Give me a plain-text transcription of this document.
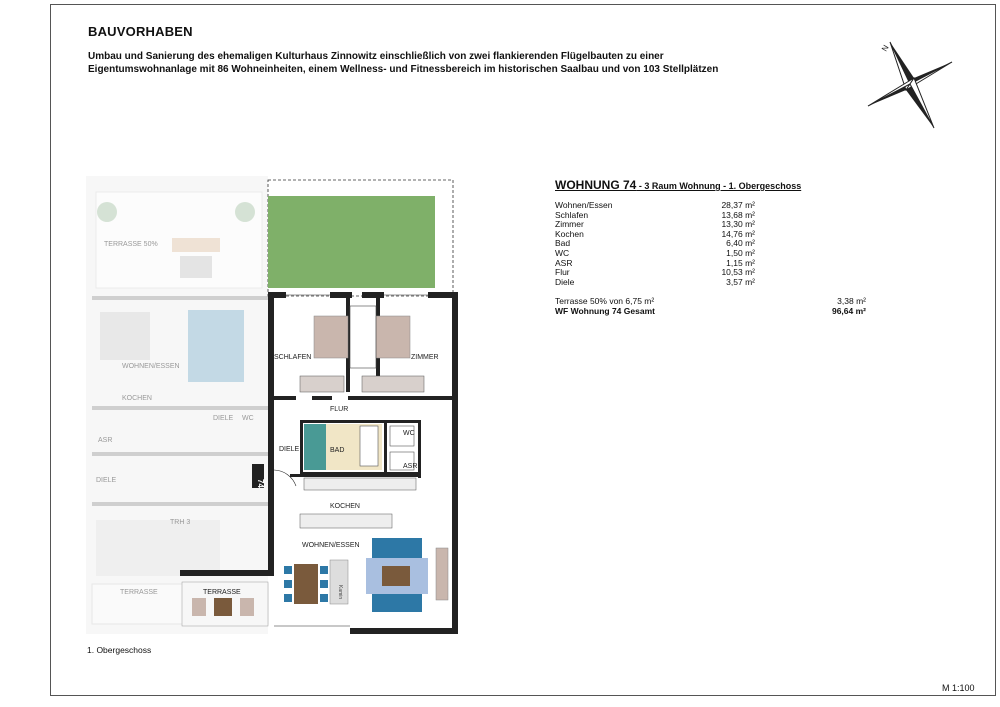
BAUVORHABEN
Umbau und Sanierung des ehemaligen Kulturhaus Zinnowitz einschließlich von zwei flankierenden Flügelbauten zu einer
Eigentumswohnanlage mit 86 Wohneinheiten, einem Wellness- und Fitnessbereich im historischen Saalbau und von 103 Stellplätzen
N
WOHNUNG 74 - 3 Raum Wohnung - 1. Obergeschoss
Wohnen/Essen	28,37 m²
Schlafen	13,68 m²
Zimmer	13,30 m²
Kochen	14,76 m²
Bad	6,40 m²
WC	1,50 m²
ASR	1,15 m²
Flur	10,53 m²
Diele	3,57 m²
Terrasse 50% von 6,75 m²	3,38 m²
WF Wohnung 74 Gesamt	96,64 m²
TERRASSE 50%
WOHNEN/ESSEN
KOCHEN
DIELE WC
ASR
DIELE
TRH 3
TERRASSE
74
SCHLAFEN	ZIMMER
FLUR
DIELE	BAD
WC
ASR
KOCHEN
WOHNEN/ESSEN
TERRASSE	Kamin
1. Obergeschoss
M 1:100
